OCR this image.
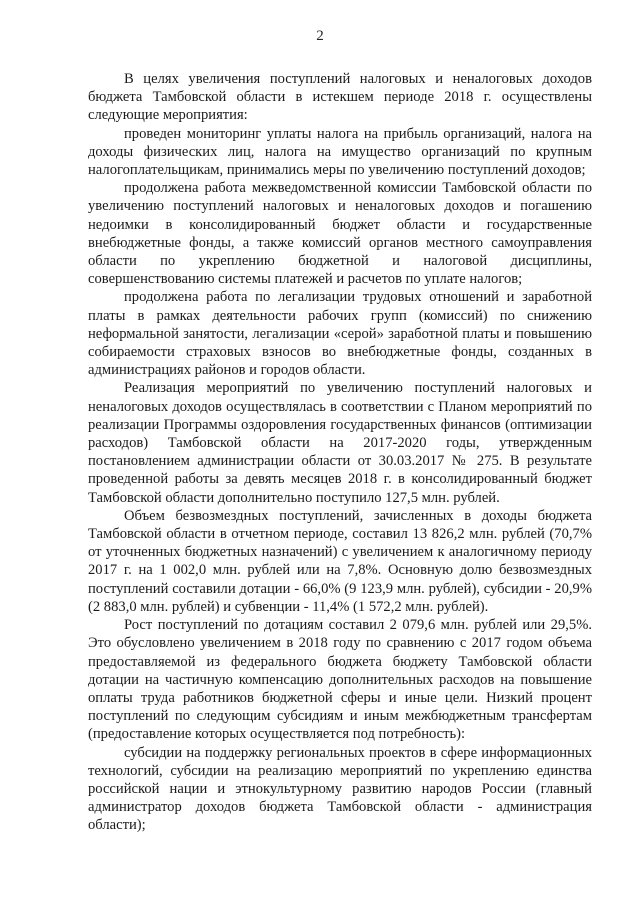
2

В целях увеличения поступлений налоговых и неналоговых доходов бюджета Тамбовской области в истекшем периоде 2018 г. осуществлены следующие мероприятия:

проведен мониторинг уплаты налога на прибыль организаций, налога на доходы физических лиц, налога на имущество организаций по крупным налогоплательщикам, принимались меры по увеличению поступлений доходов;

продолжена работа межведомственной комиссии Тамбовской области по увеличению поступлений налоговых и неналоговых доходов и погашению недоимки в консолидированный бюджет области и государственные внебюджетные фонды, а также комиссий органов местного самоуправления области по укреплению бюджетной и налоговой дисциплины, совершенствованию системы платежей и расчетов по уплате налогов;

продолжена работа по легализации трудовых отношений и заработной платы в рамках деятельности рабочих групп (комиссий) по снижению неформальной занятости, легализации «серой» заработной платы и повышению собираемости страховых взносов во внебюджетные фонды, созданных в администрациях районов и городов области.

Реализация мероприятий по увеличению поступлений налоговых и неналоговых доходов осуществлялась в соответствии с Планом мероприятий по реализации Программы оздоровления государственных финансов (оптимизации расходов) Тамбовской области на 2017-2020 годы, утвержденным постановлением администрации области от 30.03.2017 № 275. В результате проведенной работы за девять месяцев 2018 г. в консолидированный бюджет Тамбовской области дополнительно поступило 127,5 млн. рублей.

Объем безвозмездных поступлений, зачисленных в доходы бюджета Тамбовской области в отчетном периоде, составил 13 826,2 млн. рублей (70,7% от уточненных бюджетных назначений) с увеличением к аналогичному периоду 2017 г. на 1 002,0 млн. рублей или на 7,8%. Основную долю безвозмездных поступлений составили дотации - 66,0% (9 123,9 млн. рублей), субсидии - 20,9% (2 883,0 млн. рублей) и субвенции - 11,4% (1 572,2 млн. рублей).

Рост поступлений по дотациям составил 2 079,6 млн. рублей или 29,5%. Это обусловлено увеличением в 2018 году по сравнению с 2017 годом объема предоставляемой из федерального бюджета бюджету Тамбовской области дотации на частичную компенсацию дополнительных расходов на повышение оплаты труда работников бюджетной сферы и иные цели. Низкий процент поступлений по следующим субсидиям и иным межбюджетным трансфертам (предоставление которых осуществляется под потребность):

субсидии на поддержку региональных проектов в сфере информационных технологий, субсидии на реализацию мероприятий по укреплению единства российской нации и этнокультурному развитию народов России (главный администратор доходов бюджета Тамбовской области - администрация области);
